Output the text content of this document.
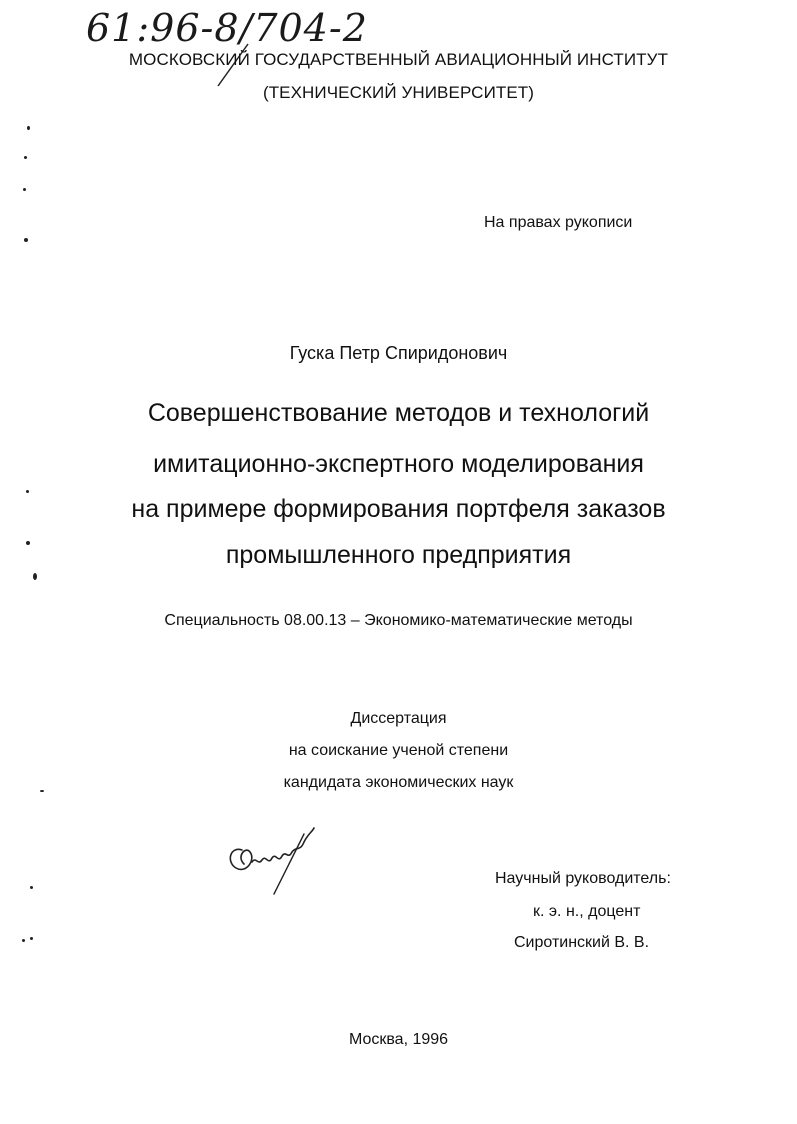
61:96-8/704-2
МОСКОВСКИЙ ГОСУДАРСТВЕННЫЙ АВИАЦИОННЫЙ ИНСТИТУТ
(ТЕХНИЧЕСКИЙ УНИВЕРСИТЕТ)
На правах рукописи
Гуска Петр Спиридонович
Совершенствование методов и технологий
имитационно-экспертного моделирования
на примере формирования портфеля заказов
промышленного предприятия
Специальность 08.00.13 – Экономико-математические методы
Диссертация
на соискание ученой степени
кандидата экономических наук
Научный руководитель:
к. э. н., доцент
Сиротинский В. В.
Москва, 1996
